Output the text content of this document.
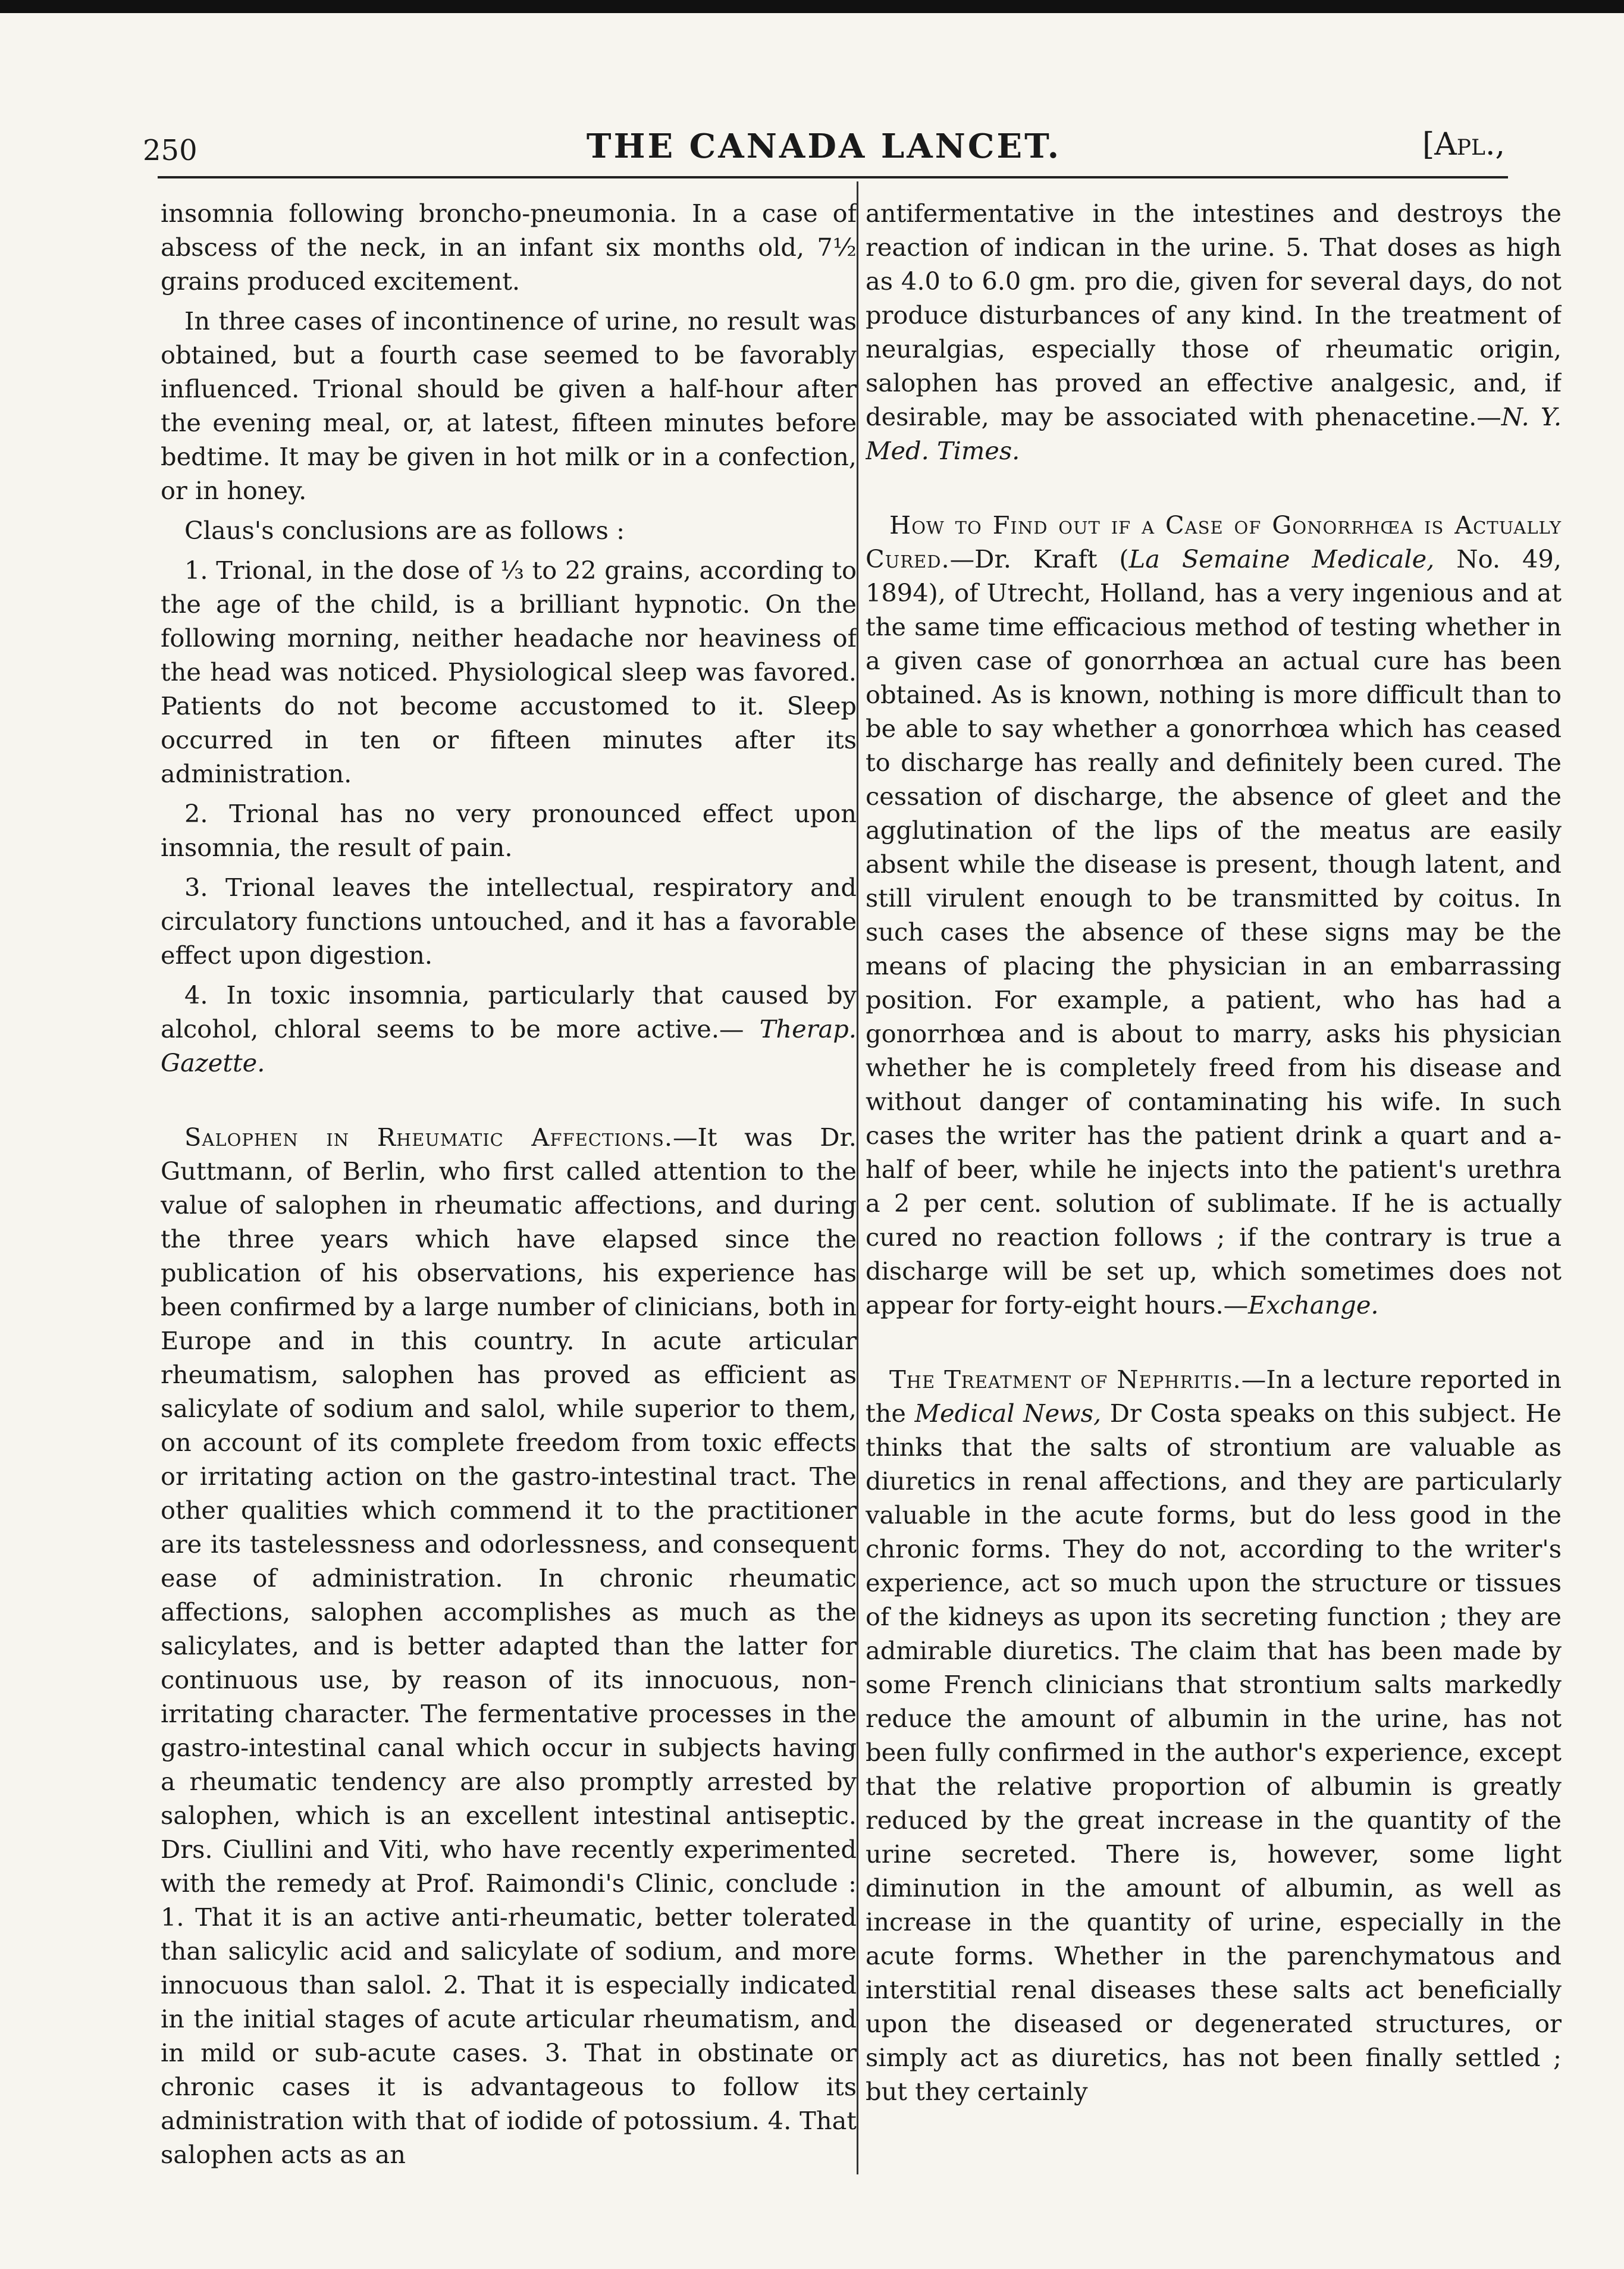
250	THE CANADA LANCET.	[Apl.,

insomnia following broncho-pneumonia. In a case of abscess of the neck, in an infant six months old, 7½ grains produced excitement.

In three cases of incontinence of urine, no result was obtained, but a fourth case seemed to be favorably influenced. Trional should be given a half-hour after the evening meal, or, at latest, fifteen minutes before bedtime. It may be given in hot milk or in a confection, or in honey.

Claus's conclusions are as follows :

1. Trional, in the dose of ⅓ to 22 grains, according to the age of the child, is a brilliant hypnotic. On the following morning, neither headache nor heaviness of the head was noticed. Physiological sleep was favored. Patients do not become accustomed to it. Sleep occurred in ten or fifteen minutes after its administration.

2. Trional has no very pronounced effect upon insomnia, the result of pain.

3. Trional leaves the intellectual, respiratory and circulatory functions untouched, and it has a favorable effect upon digestion.

4. In toxic insomnia, particularly that caused by alcohol, chloral seems to be more active.— Therap. Gazette.

Salophen in Rheumatic Affections.—It was Dr. Guttmann, of Berlin, who first called attention to the value of salophen in rheumatic affections, and during the three years which have elapsed since the publication of his observations, his experience has been confirmed by a large number of clinicians, both in Europe and in this country. In acute articular rheumatism, salophen has proved as efficient as salicylate of sodium and salol, while superior to them, on account of its complete freedom from toxic effects or irritating action on the gastro-intestinal tract. The other qualities which commend it to the practitioner are its tastelessness and odorlessness, and consequent ease of administration. In chronic rheumatic affections, salophen accomplishes as much as the salicylates, and is better adapted than the latter for continuous use, by reason of its innocuous, non-irritating character. The fermentative processes in the gastro-intestinal canal which occur in subjects having a rheumatic tendency are also promptly arrested by salophen, which is an excellent intestinal antiseptic. Drs. Ciullini and Viti, who have recently experimented with the remedy at Prof. Raimondi's Clinic, conclude : 1. That it is an active anti-rheumatic, better tolerated than salicylic acid and salicylate of sodium, and more innocuous than salol. 2. That it is especially indicated in the initial stages of acute articular rheumatism, and in mild or sub-acute cases. 3. That in obstinate or chronic cases it is advantageous to follow its administration with that of iodide of potossium. 4. That salophen acts as an

antifermentative in the intestines and destroys the reaction of indican in the urine. 5. That doses as high as 4.0 to 6.0 gm. pro die, given for several days, do not produce disturbances of any kind. In the treatment of neuralgias, especially those of rheumatic origin, salophen has proved an effective analgesic, and, if desirable, may be associated with phenacetine.—N. Y. Med. Times.

How to Find out if a Case of Gonorrhœa is Actually Cured.—Dr. Kraft (La Semaine Medicale, No. 49, 1894), of Utrecht, Holland, has a very ingenious and at the same time efficacious method of testing whether in a given case of gonorrhœa an actual cure has been obtained. As is known, nothing is more difficult than to be able to say whether a gonorrhœa which has ceased to discharge has really and definitely been cured. The cessation of discharge, the absence of gleet and the agglutination of the lips of the meatus are easily absent while the disease is present, though latent, and still virulent enough to be transmitted by coitus. In such cases the absence of these signs may be the means of placing the physician in an embarrassing position. For example, a patient, who has had a gonorrhœa and is about to marry, asks his physician whether he is completely freed from his disease and without danger of contaminating his wife. In such cases the writer has the patient drink a quart and a-half of beer, while he injects into the patient's urethra a 2 per cent. solution of sublimate. If he is actually cured no reaction follows ; if the contrary is true a discharge will be set up, which sometimes does not appear for forty-eight hours.—Exchange.

The Treatment of Nephritis.—In a lecture reported in the Medical News, Dr Costa speaks on this subject. He thinks that the salts of strontium are valuable as diuretics in renal affections, and they are particularly valuable in the acute forms, but do less good in the chronic forms. They do not, according to the writer's experience, act so much upon the structure or tissues of the kidneys as upon its secreting function ; they are admirable diuretics. The claim that has been made by some French clinicians that strontium salts markedly reduce the amount of albumin in the urine, has not been fully confirmed in the author's experience, except that the relative proportion of albumin is greatly reduced by the great increase in the quantity of the urine secreted. There is, however, some light diminution in the amount of albumin, as well as increase in the quantity of urine, especially in the acute forms. Whether in the parenchymatous and interstitial renal diseases these salts act beneficially upon the diseased or degenerated structures, or simply act as diuretics, has not been finally settled ; but they certainly
